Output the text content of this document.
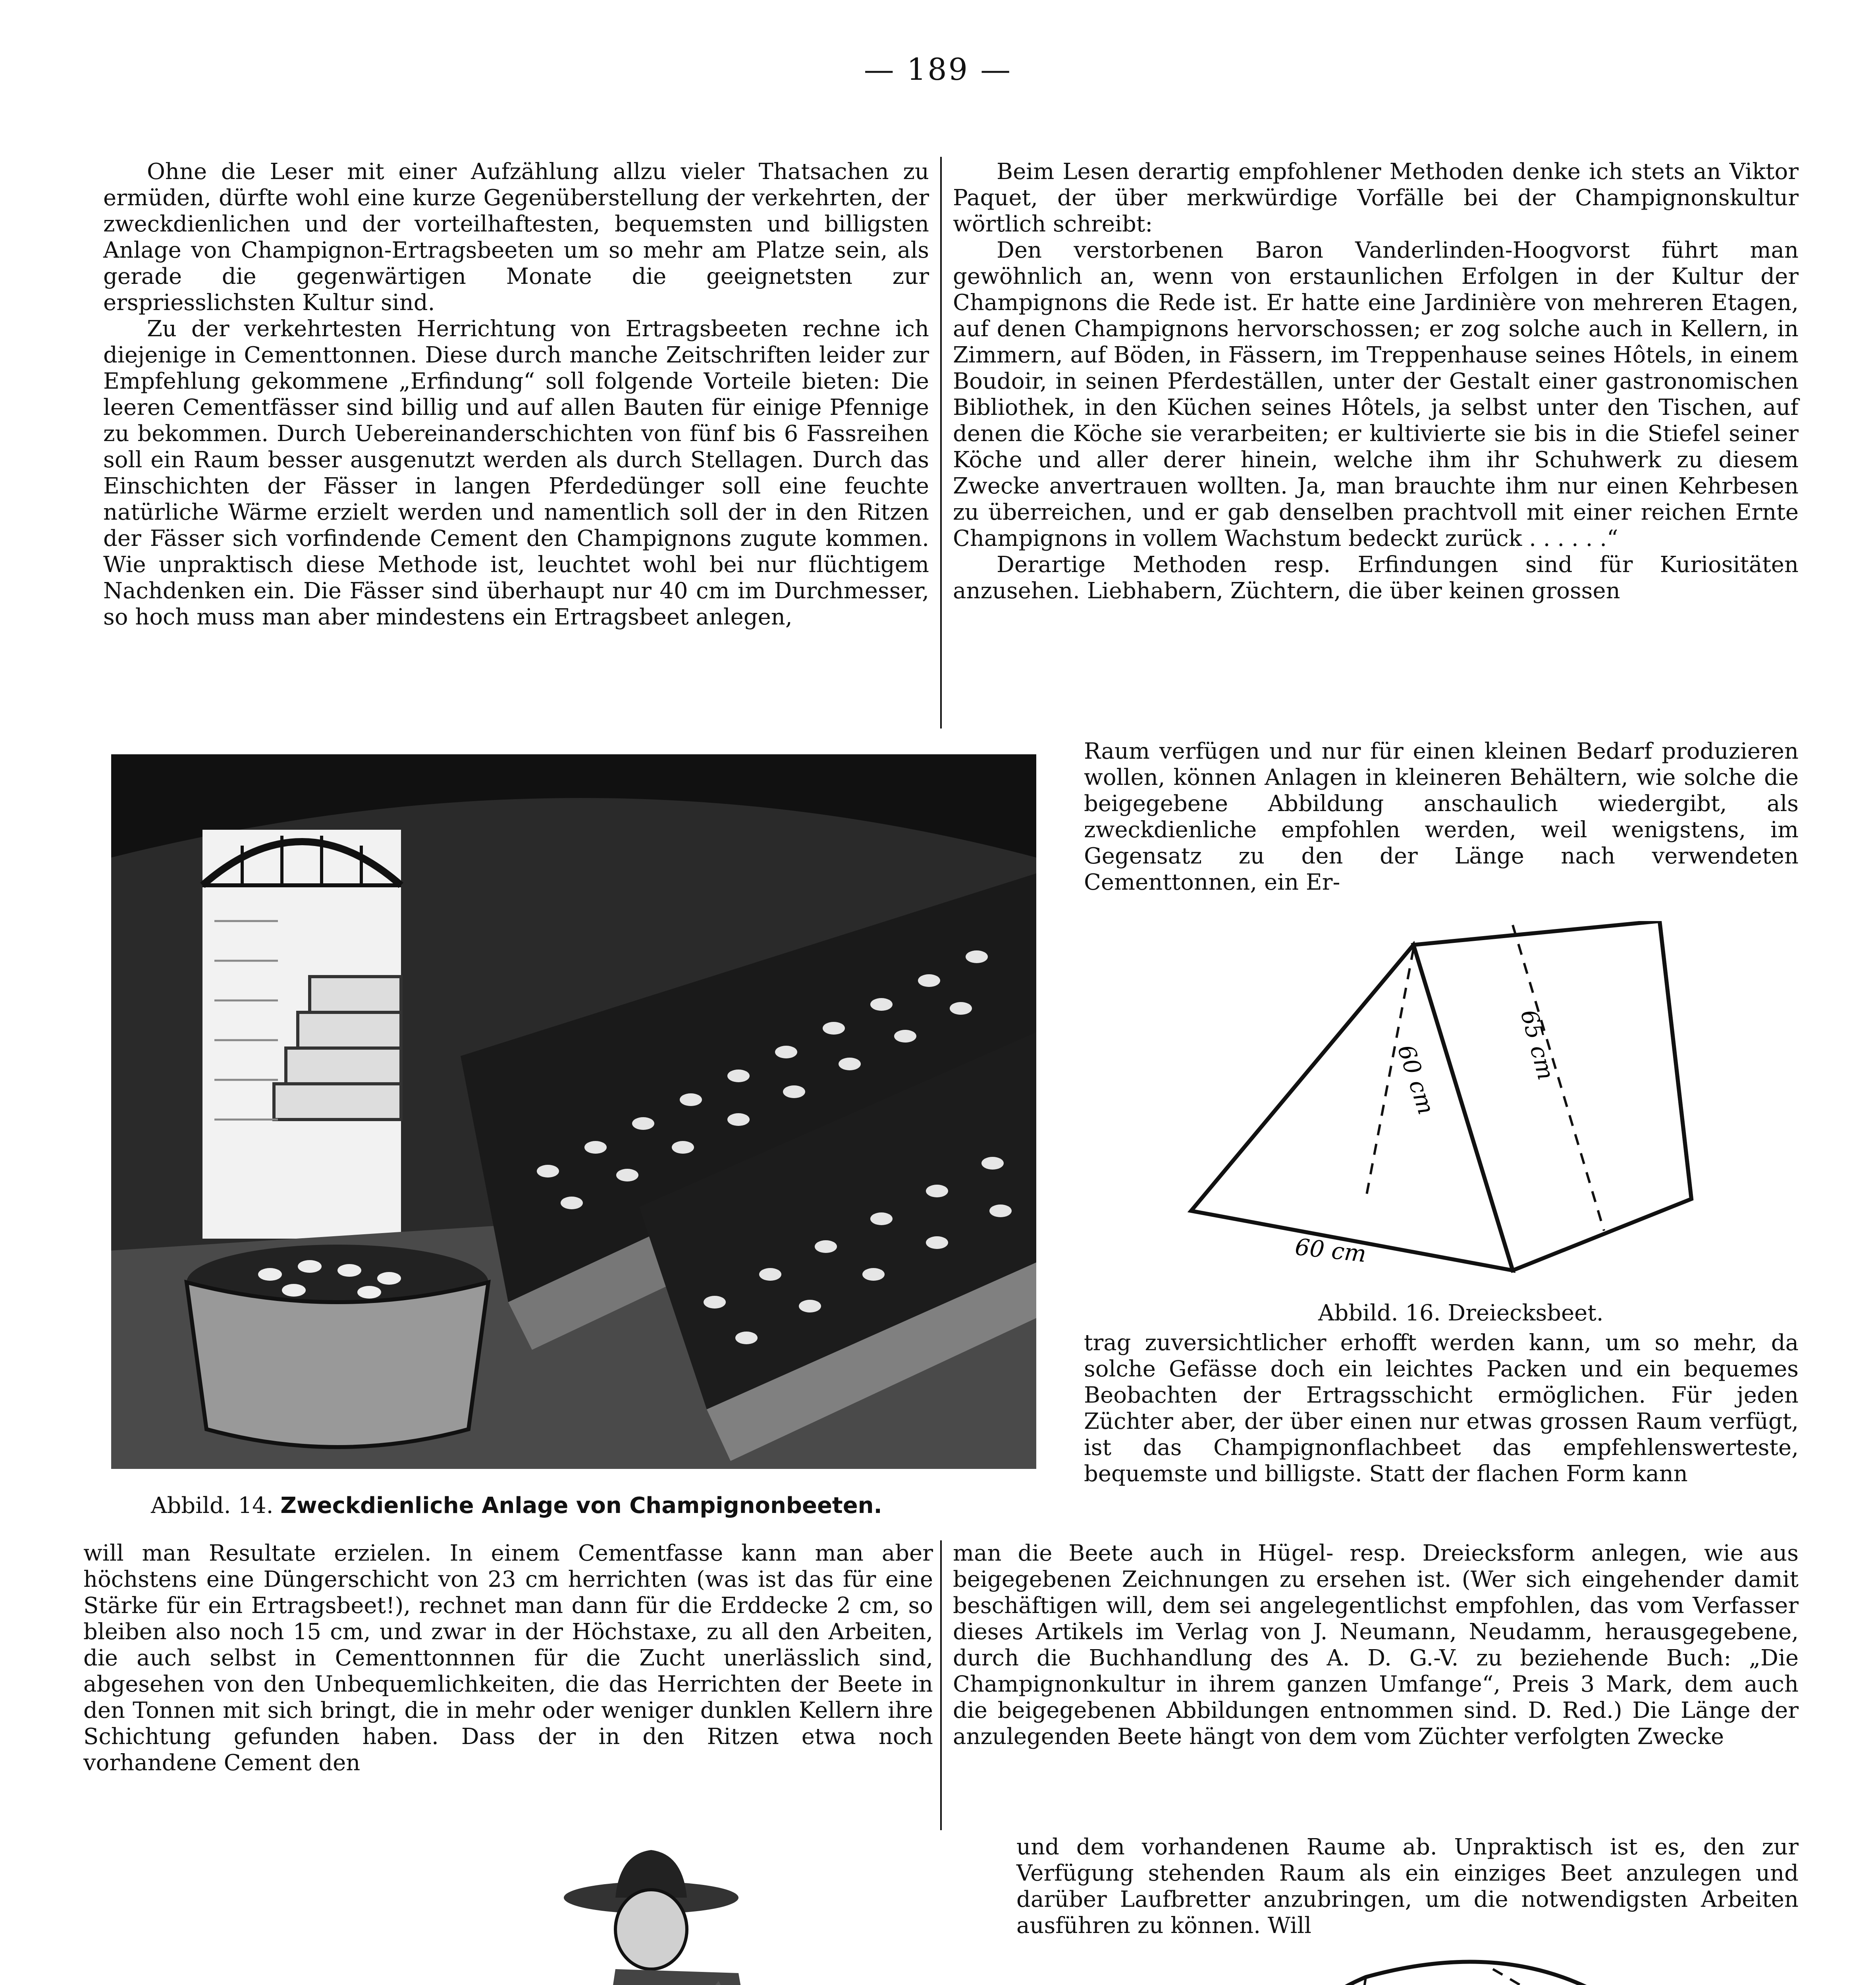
— 189 —

Ohne die Leser mit einer Aufzählung allzu vieler Thatsachen zu ermüden, dürfte wohl eine kurze Gegenüberstellung der verkehrten, der zweckdienlichen und der vorteilhaftesten, bequemsten und billigsten Anlage von Champignon-Ertragsbeeten um so mehr am Platze sein, als gerade die gegenwärtigen Monate die geeignetsten zur erspriesslichsten Kultur sind.

Zu der verkehrtesten Herrichtung von Ertragsbeeten rechne ich diejenige in Cementtonnen. Diese durch manche Zeitschriften leider zur Empfehlung gekommene „Erfindung“ soll folgende Vorteile bieten: Die leeren Cementfässer sind billig und auf allen Bauten für einige Pfennige zu bekommen. Durch Uebereinanderschichten von fünf bis 6 Fassreihen soll ein Raum besser ausgenutzt werden als durch Stellagen. Durch das Einschichten der Fässer in langen Pferdedünger soll eine feuchte natürliche Wärme erzielt werden und namentlich soll der in den Ritzen der Fässer sich vorfindende Cement den Champignons zugute kommen. Wie unpraktisch diese Methode ist, leuchtet wohl bei nur flüchtigem Nachdenken ein. Die Fässer sind überhaupt nur 40 cm im Durchmesser, so hoch muss man aber mindestens ein Ertragsbeet anlegen,

Abbild. 14. Zweckdienliche Anlage von Champignonbeeten.

will man Resultate erzielen. In einem Cementfasse kann man aber höchstens eine Düngerschicht von 23 cm herrichten (was ist das für eine Stärke für ein Ertragsbeet!), rechnet man dann für die Erddecke 2 cm, so bleiben also noch 15 cm, und zwar in der Höchstaxe, zu all den Arbeiten, die auch selbst in Cementtonnnen für die Zucht unerlässlich sind, abgesehen von den Unbequemlichkeiten, die das Herrichten der Beete in den Tonnen mit sich bringt, die in mehr oder weniger dunklen Kellern ihre Schichtung gefunden haben. Dass der in den Ritzen etwa noch vorhandene Cement den

Beim Lesen derartig empfohlener Methoden denke ich stets an Viktor Paquet, der über merkwürdige Vorfälle bei der Champignonskultur wörtlich schreibt:

Den verstorbenen Baron Vanderlinden-Hoogvorst führt man gewöhnlich an, wenn von erstaunlichen Erfolgen in der Kultur der Champignons die Rede ist. Er hatte eine Jardinière von mehreren Etagen, auf denen Champignons hervorschossen; er zog solche auch in Kellern, in Zimmern, auf Böden, in Fässern, im Treppenhause seines Hôtels, in einem Boudoir, in seinen Pferdeställen, unter der Gestalt einer gastronomischen Bibliothek, in den Küchen seines Hôtels, ja selbst unter den Tischen, auf denen die Köche sie verarbeiten; er kultivierte sie bis in die Stiefel seiner Köche und aller derer hinein, welche ihm ihr Schuhwerk zu diesem Zwecke anvertrauen wollten. Ja, man brauchte ihm nur einen Kehrbesen zu überreichen, und er gab denselben prachtvoll mit einer reichen Ernte Champignons in vollem Wachstum bedeckt zurück . . . . . .“

Derartige Methoden resp. Erfindungen sind für Kuriositäten anzusehen. Liebhabern, Züchtern, die über keinen grossen

Raum verfügen und nur für einen kleinen Bedarf produzieren wollen, können Anlagen in kleineren Behältern, wie solche die beigegebene Abbildung anschaulich wiedergibt, als zweckdienliche empfohlen werden, weil wenigstens, im Gegensatz zu den der Länge nach verwendeten Cementtonnen, ein Er-

60 cm
60 cm	65 cm
Abbild. 16. Dreiecksbeet.

trag zuversichtlicher erhofft werden kann, um so mehr, da solche Gefässe doch ein leichtes Packen und ein bequemes Beobachten der Ertragsschicht ermöglichen. Für jeden Züchter aber, der über einen nur etwas grossen Raum verfügt, ist das Champignonflachbeet das empfehlenswerteste, bequemste und billigste. Statt der flachen Form kann

man die Beete auch in Hügel- resp. Dreiecksform anlegen, wie aus beigegebenen Zeichnungen zu ersehen ist. (Wer sich eingehender damit beschäftigen will, dem sei angelegentlichst empfohlen, das vom Verfasser dieses Artikels im Verlag von J. Neumann, Neudamm, herausgegebene, durch die Buchhandlung des A. D. G.-V. zu beziehende Buch: „Die Champignonkultur in ihrem ganzen Umfange“, Preis 3 Mark, dem auch die beigegebenen Abbildungen entnommen sind. D. Red.) Die Länge der anzulegenden Beete hängt von dem vom Züchter verfolgten Zwecke

und dem vorhandenen Raume ab. Unpraktisch ist es, den zur Verfügung stehenden Raum als ein einziges Beet anzulegen und darüber Laufbretter anzubringen, um die notwendigsten Arbeiten ausführen zu können. Will
